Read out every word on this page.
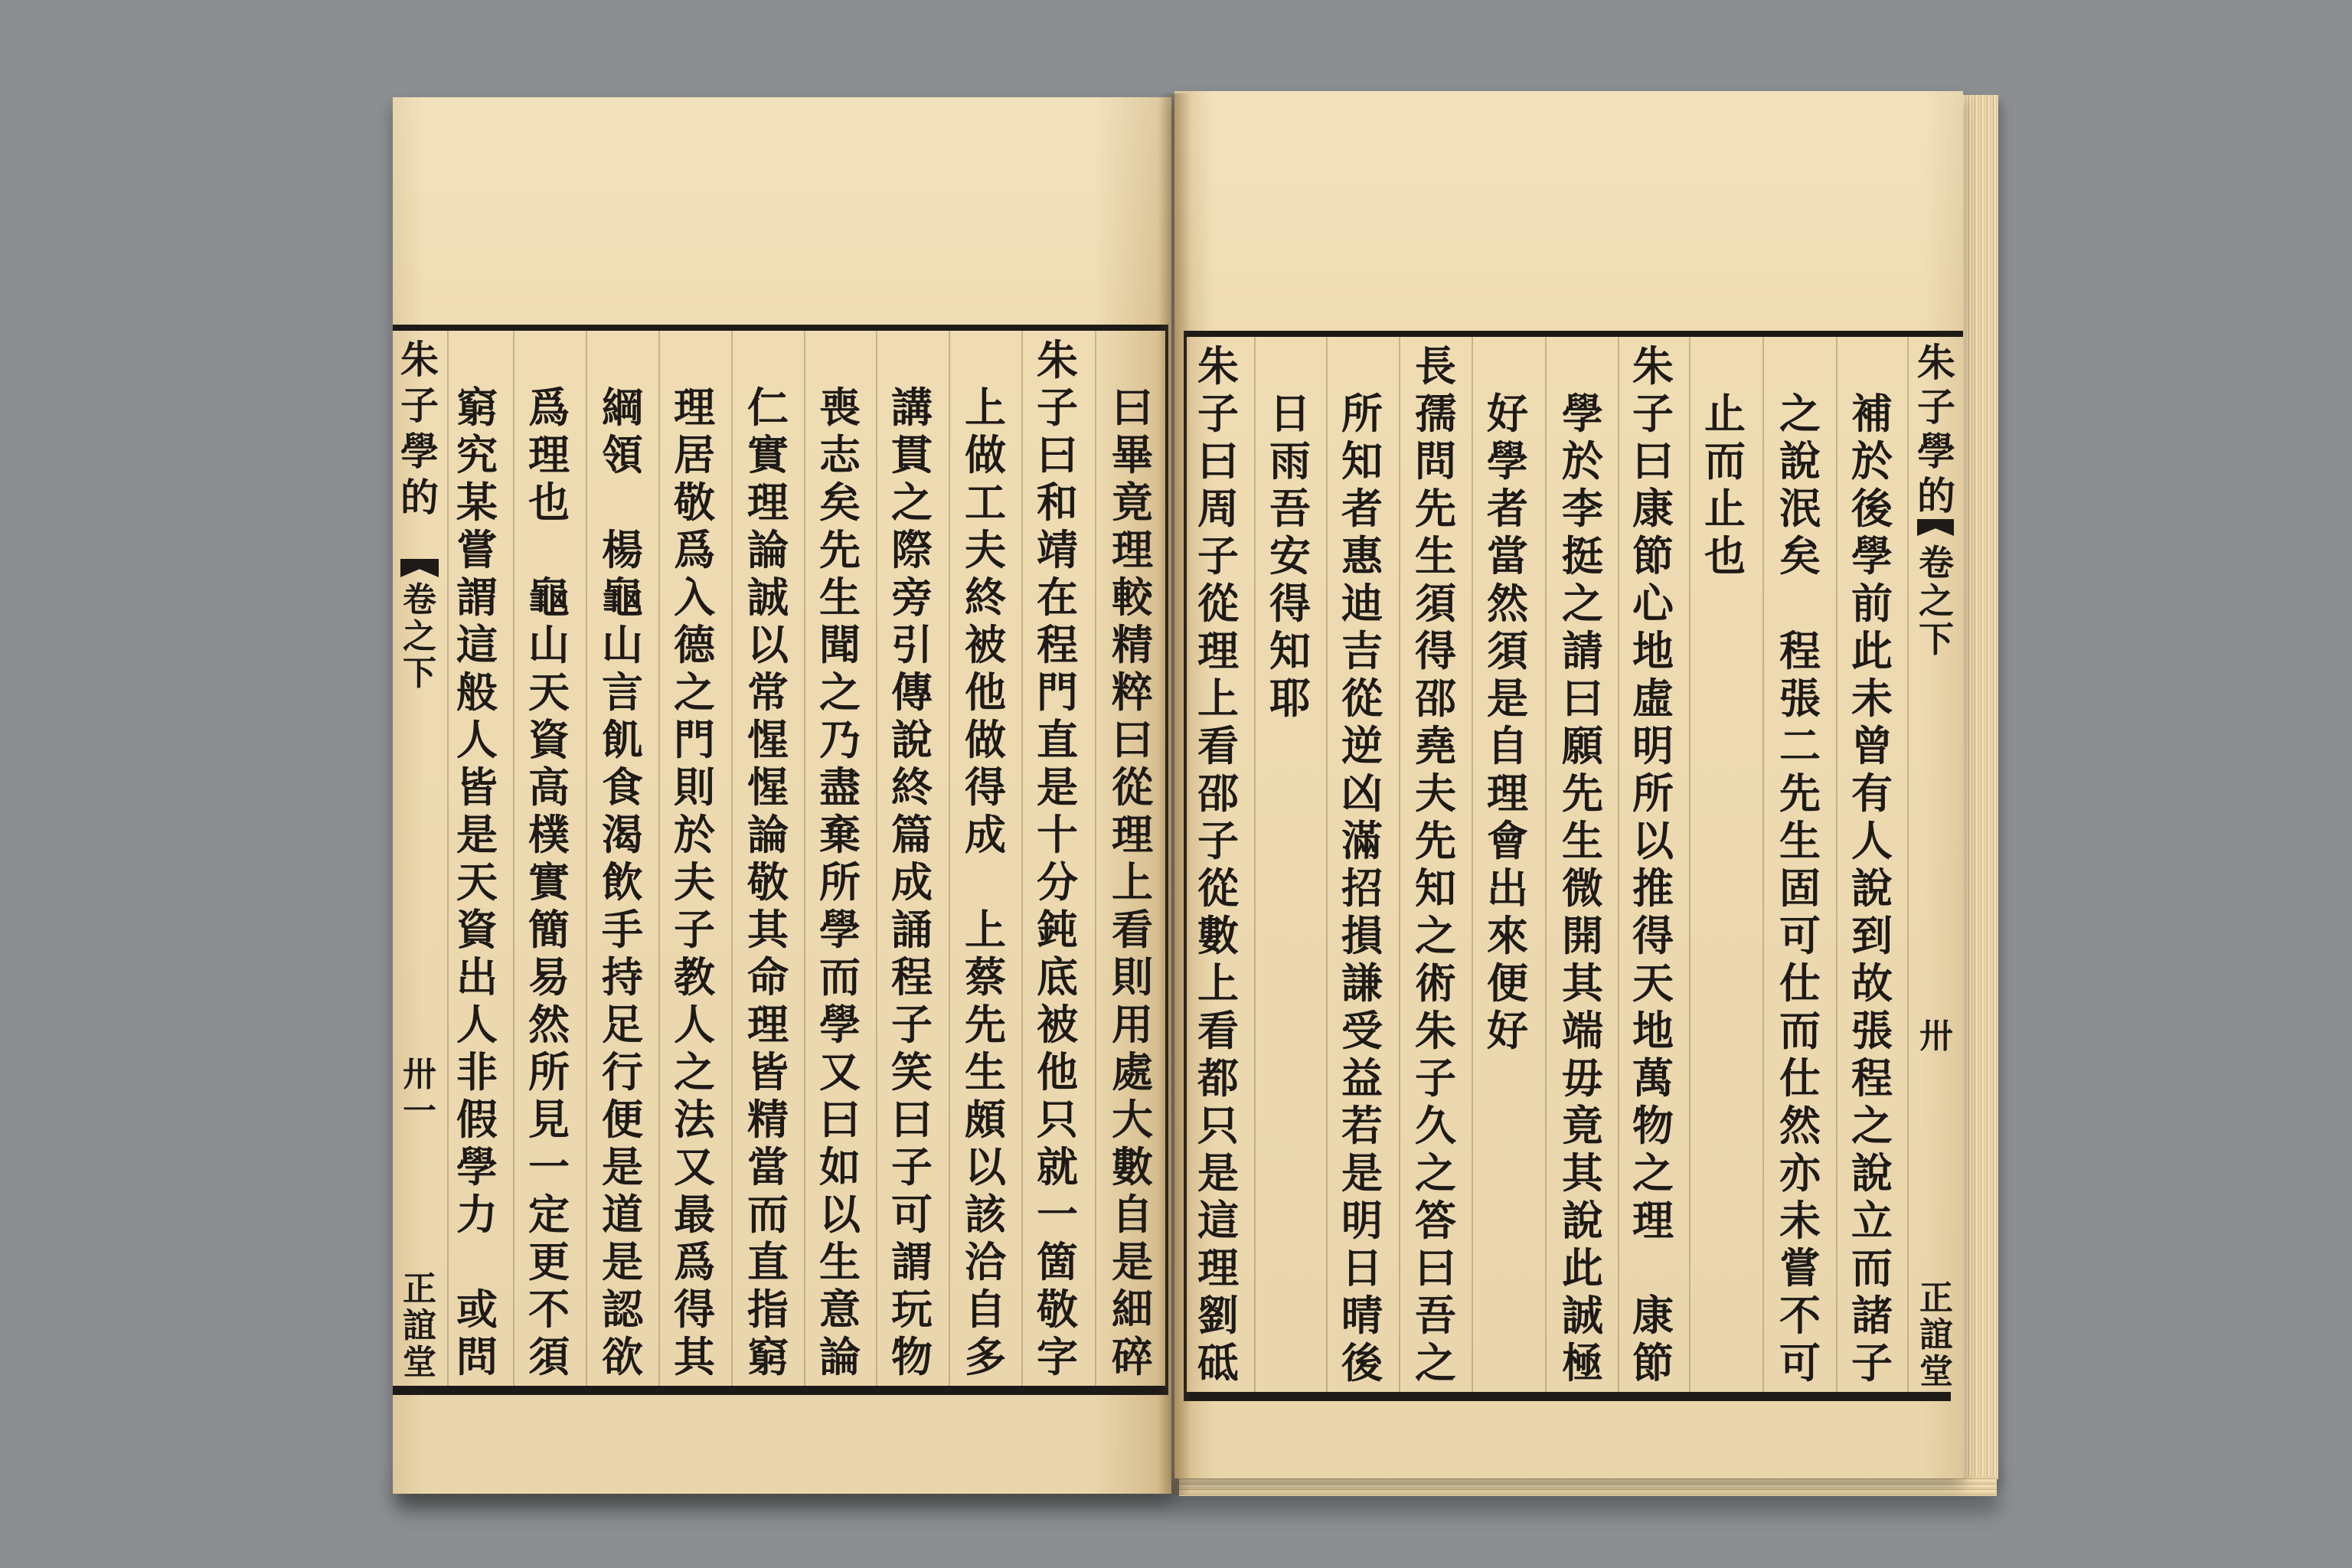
曰
畢
竟
理
較
精
粹
曰
從
理
上
看
則
用
處
大
數
自
是
細
碎
朱
子
曰
和
靖
在
程
門
直
是
十
分
鈍
底
被
他
只
就
一
箇
敬
字
上
做
工
夫
終
被
他
做
得
成

上
蔡
先
生
頗
以
該
洽
自
多
講
貫
之
際
旁
引
傳
說
終
篇
成
誦
程
子
笑
曰
子
可
謂
玩
物
喪
志
矣
先
生
聞
之
乃
盡
棄
所
學
而
學
又
曰
如
以
生
意
論
仁
實
理
論
誠
以
常
惺
惺
論
敬
其
命
理
皆
精
當
而
直
指
窮
理
居
敬
爲
入
德
之
門
則
於
夫
子
教
人
之
法
又
最
爲
得
其
綱
領

楊
龜
山
言
飢
食
渴
飲
手
持
足
行
便
是
道
是
認
欲
爲
理
也

龜
山
天
資
高
樸
實
簡
易
然
所
見
一
定
更
不
須
窮
究
某
嘗
謂
這
般
人
皆
是
天
資
出
人
非
假
學
力

或
問
朱
子
學
的
卷
之
下
卅
一
正
誼
堂
補
於
後
學
前
此
未
曾
有
人
說
到
故
張
程
之
說
立
而
諸
子
之
說
泯
矣

程
張
二
先
生
固
可
仕
而
仕
然
亦
未
嘗
不
可
止
而
止
也
朱
子
曰
康
節
心
地
虛
明
所
以
推
得
天
地
萬
物
之
理

康
節
學
於
李
挺
之
請
曰
願
先
生
微
開
其
端
毋
竟
其
說
此
誠
極
好
學
者
當
然
須
是
自
理
會
出
來
便
好
長
孺
問
先
生
須
得
邵
堯
夫
先
知
之
術
朱
子
久
之
答
曰
吾
之
所
知
者
惠
迪
吉
從
逆
凶
滿
招
損
謙
受
益
若
是
明
日
晴
後
日
雨
吾
安
得
知
耶
朱
子
曰
周
子
從
理
上
看
邵
子
從
數
上
看
都
只
是
這
理
劉
砥
朱
子
學
的
卷
之
下
卅
正
誼
堂
